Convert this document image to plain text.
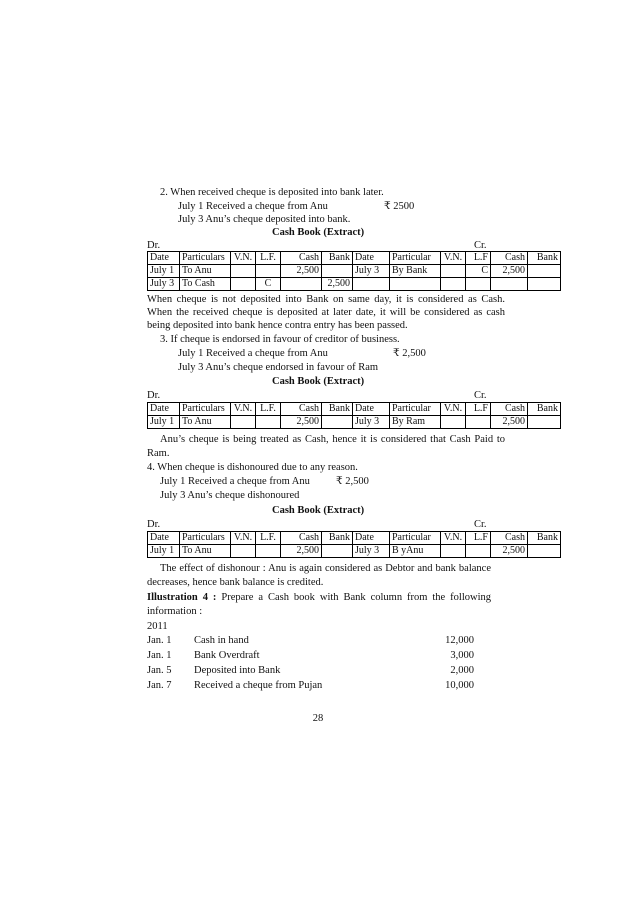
2. When received cheque is deposited into bank later.
July 1 Received a cheque from Anu	₹ 2500
July 3 Anu’s cheque deposited into bank.
Cash Book (Extract)
Dr.	Cr.
Date	Particulars	V.N.	L.F.	Cash	Bank	Date	Particular	V.N.	L.F	Cash	Bank
July 1	To Anu			2,500		July 3	By Bank		C	2,500	
July 3	To Cash		C		2,500						
When cheque is not deposited into Bank on same day, it is considered as Cash.
When the received cheque is deposited at later date, it will be considered as cash
being deposited into bank hence contra entry has been passed.
3. If cheque is endorsed in favour of creditor of business.
July 1 Received a cheque from Anu	₹ 2,500
July 3 Anu’s cheque endorsed in favour of Ram
Cash Book (Extract)
Dr.	Cr.
Date	Particulars	V.N.	L.F.	Cash	Bank	Date	Particular	V.N.	L.F	Cash	Bank
July 1	To Anu			2,500		July 3	By Ram			2,500	
Anu’s cheque is being treated as Cash, hence it is considered that Cash Paid to
Ram.
4. When cheque is dishonoured due to any reason.
July 1 Received a cheque from Anu ₹ 2,500
July 3 Anu’s cheque dishonoured
Cash Book (Extract)
Dr.	Cr.
Date	Particulars	V.N.	L.F.	Cash	Bank	Date	Particular	V.N.	L.F	Cash	Bank
July 1	To Anu			2,500		July 3	B yAnu			2,500	
The effect of dishonour : Anu is again considered as Debtor and bank balance
decreases, hence bank balance is credited.
Illustration 4 : Prepare a Cash book with Bank column from the following
information :
2011
Jan. 1 Cash in hand	12,000
Jan. 1 Bank Overdraft	3,000
Jan. 5 Deposited into Bank	2,000
Jan. 7 Received a cheque from Pujan	10,000
28
